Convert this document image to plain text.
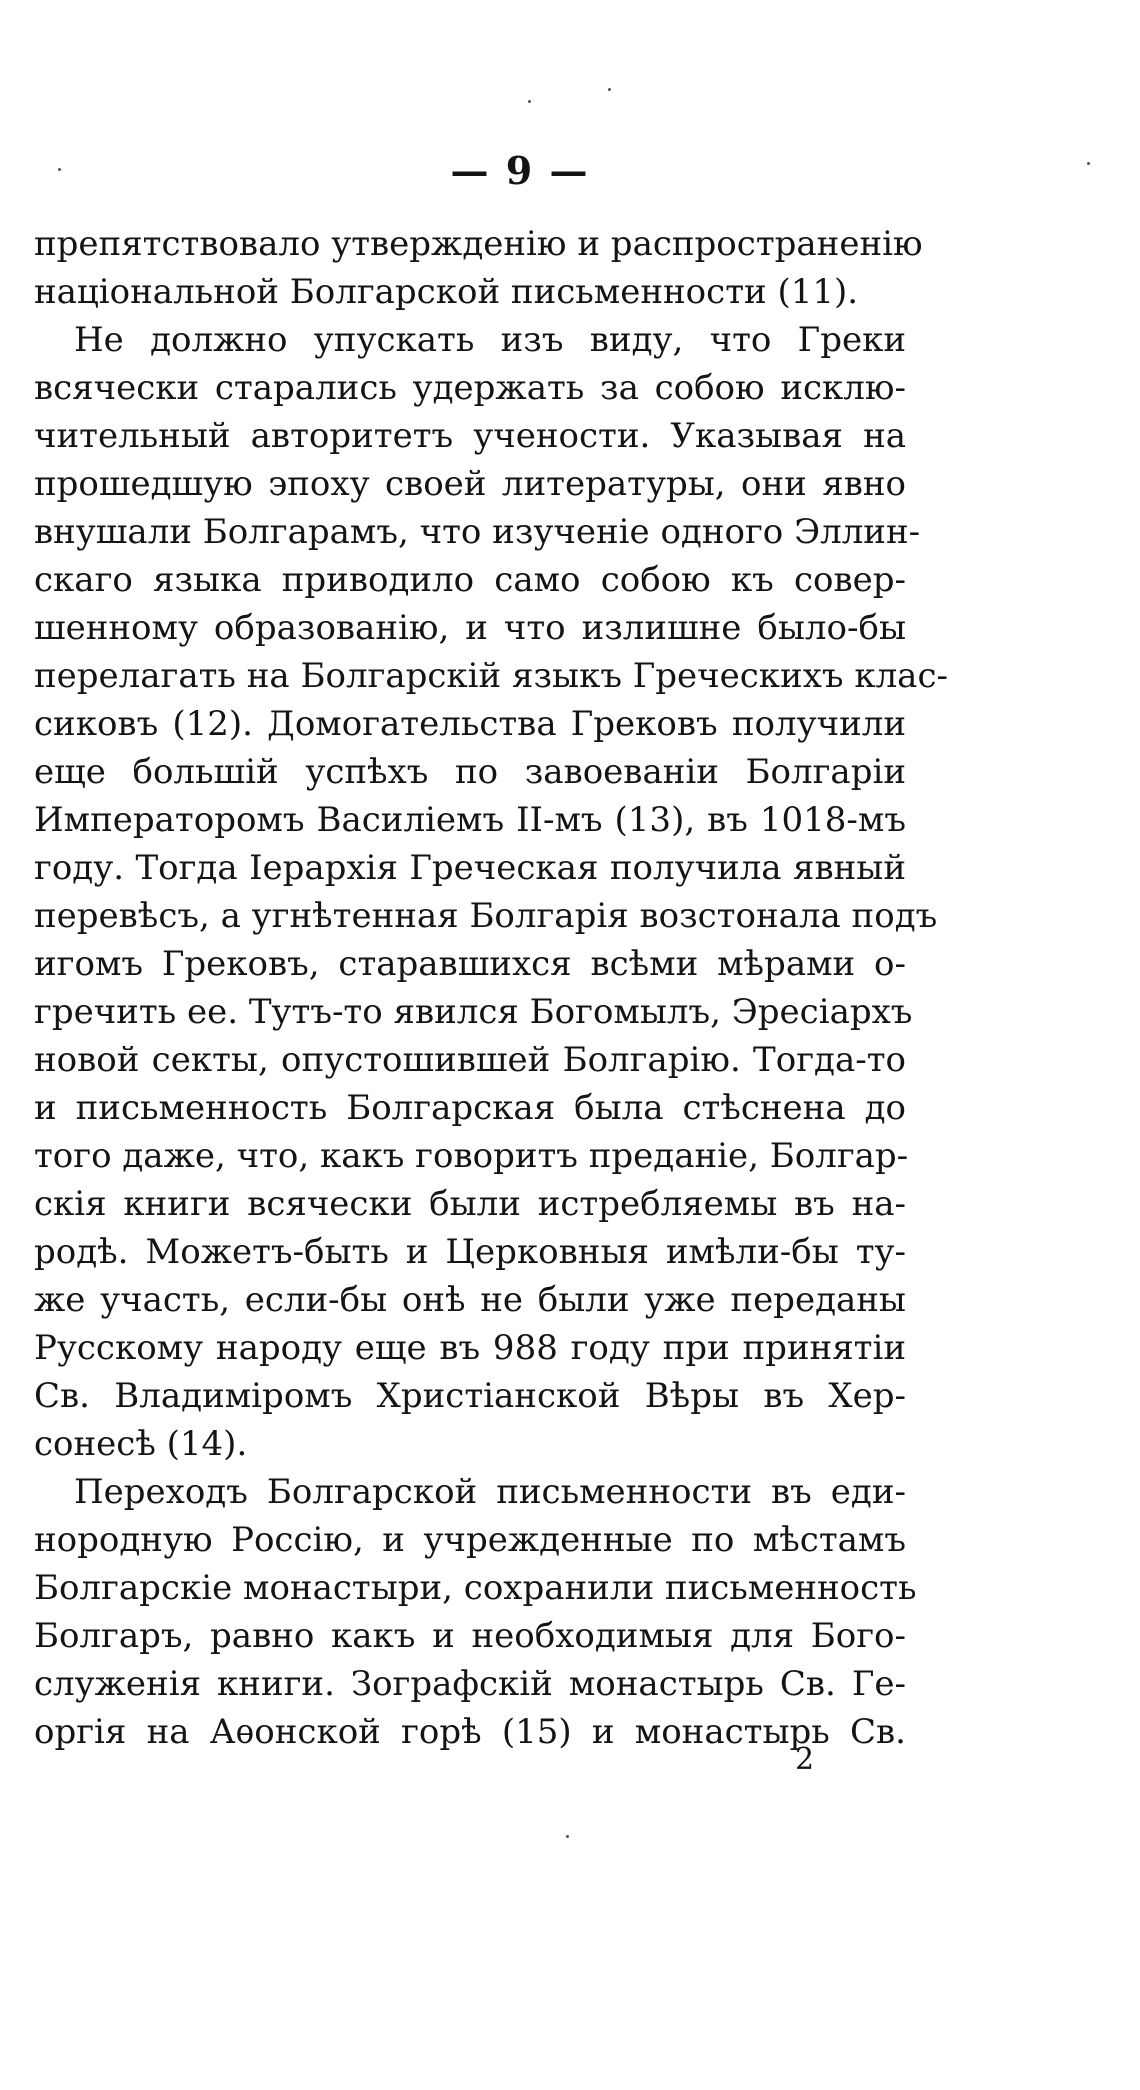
— 9 —
препятствовало утвержденію и распространенію
національной Болгарской письменности (11).
Не должно упускать изъ виду, что Греки
всячески старались удержать за собою исклю-
чительный авторитетъ учености. Указывая на
прошедшую эпоху своей литературы, они явно
внушали Болгарамъ, что изученіе одного Эллин-
скаго языка приводило само собою къ совер-
шенному образованію, и что излишне было-бы
перелагать на Болгарскій языкъ Греческихъ клас-
сиковъ (12). Домогательства Грековъ получили
еще большій успѣхъ по завоеваніи Болгаріи
Императоромъ Василіемъ II-мъ (13), въ 1018-мъ
году. Тогда Іерархія Греческая получила явный
перевѣсъ, а угнѣтенная Болгарія возстонала подъ
игомъ Грековъ, старавшихся всѣми мѣрами о-
гречить ее. Тутъ-то явился Богомылъ, Эресіархъ
новой секты, опустошившей Болгарію. Тогда-то
и письменность Болгарская была стѣснена до
того даже, что, какъ говоритъ преданіе, Болгар-
скія книги всячески были истребляемы въ на-
родѣ. Можетъ-быть и Церковныя имѣли-бы ту-
же участь, если-бы онѣ не были уже переданы
Русскому народу еще въ 988 году при принятіи
Св. Владиміромъ Христіанской Вѣры въ Хер-
сонесѣ (14).
Переходъ Болгарской письменности въ еди-
нородную Россію, и учрежденные по мѣстамъ
Болгарскіе монастыри, сохранили письменность
Болгаръ, равно какъ и необходимыя для Бого-
служенія книги. Зографскій монастырь Св. Ге-
оргія на Аѳонской горѣ (15) и монастырь Св.
2
